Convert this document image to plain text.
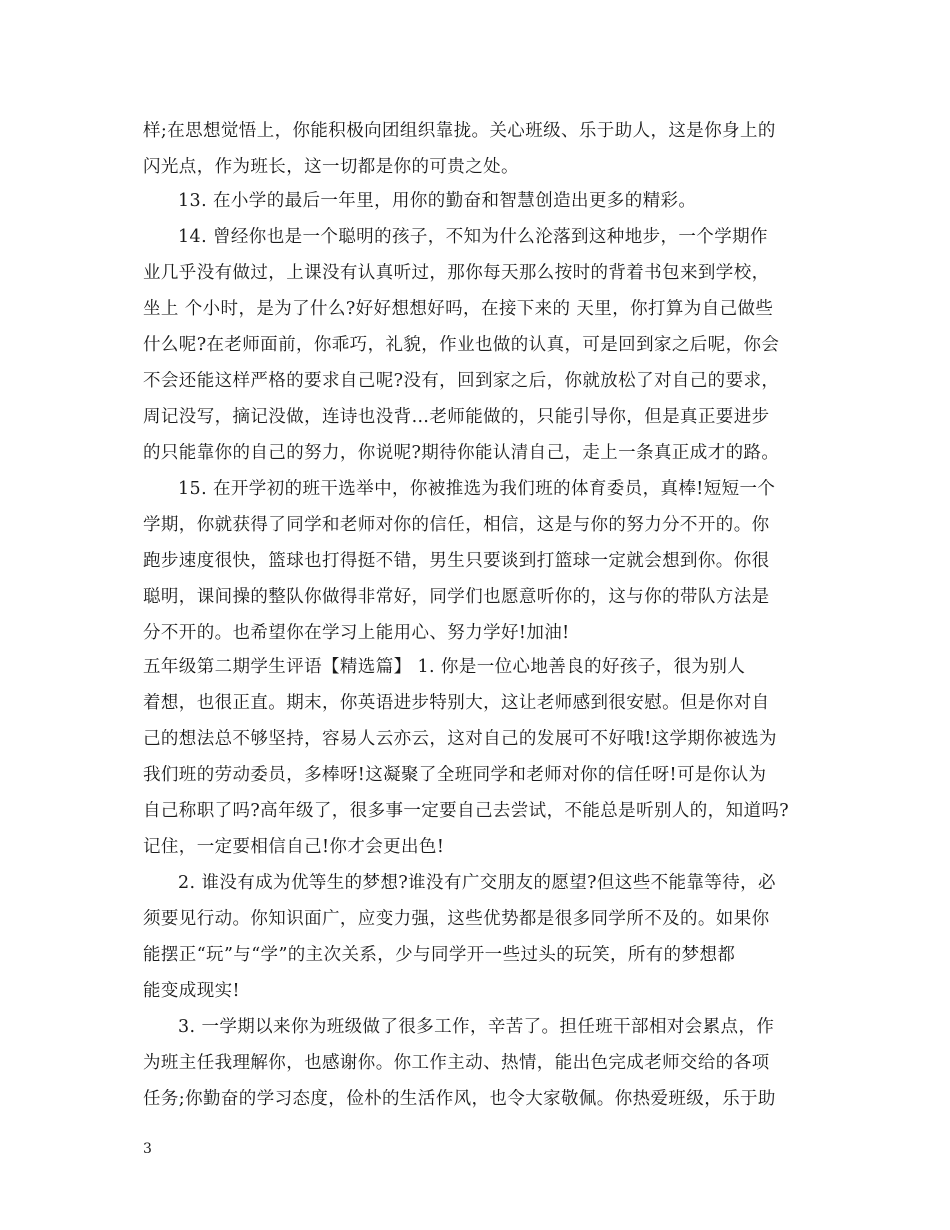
样;在思想觉悟上，你能积极向团组织靠拢。关心班级、乐于助人，这是你身上的
闪光点，作为班长，这一切都是你的可贵之处。
13. 在小学的最后一年里，用你的勤奋和智慧创造出更多的精彩。
14. 曾经你也是一个聪明的孩子，不知为什么沦落到这种地步，一个学期作
业几乎没有做过，上课没有认真听过，那你每天那么按时的背着书包来到学校，
坐上 个小时，是为了什么?好好想想好吗，在接下来的 天里，你打算为自己做些
什么呢?在老师面前，你乖巧，礼貌，作业也做的认真，可是回到家之后呢，你会
不会还能这样严格的要求自己呢?没有，回到家之后，你就放松了对自己的要求，
周记没写，摘记没做，连诗也没背…老师能做的，只能引导你，但是真正要进步
的只能靠你的自己的努力，你说呢?期待你能认清自己，走上一条真正成才的路。
15. 在开学初的班干选举中，你被推选为我们班的体育委员，真棒!短短一个
学期，你就获得了同学和老师对你的信任，相信，这是与你的努力分不开的。你
跑步速度很快，篮球也打得挺不错，男生只要谈到打篮球一定就会想到你。你很
聪明，课间操的整队你做得非常好，同学们也愿意听你的，这与你的带队方法是
分不开的。也希望你在学习上能用心、努力学好!加油!
五年级第二期学生评语【精选篇】 1. 你是一位心地善良的好孩子，很为别人
着想，也很正直。期末，你英语进步特别大，这让老师感到很安慰。但是你对自
己的想法总不够坚持，容易人云亦云，这对自己的发展可不好哦!这学期你被选为
我们班的劳动委员，多棒呀!这凝聚了全班同学和老师对你的信任呀!可是你认为
自己称职了吗?高年级了，很多事一定要自己去尝试，不能总是听别人的，知道吗?
记住，一定要相信自己!你才会更出色!
2. 谁没有成为优等生的梦想?谁没有广交朋友的愿望?但这些不能靠等待，必
须要见行动。你知识面广，应变力强，这些优势都是很多同学所不及的。如果你
能摆正“玩”与“学”的主次关系，少与同学开一些过头的玩笑，所有的梦想都
能变成现实!
3. 一学期以来你为班级做了很多工作，辛苦了。担任班干部相对会累点，作
为班主任我理解你，也感谢你。你工作主动、热情，能出色完成老师交给的各项
任务;你勤奋的学习态度，俭朴的生活作风，也令大家敬佩。你热爱班级，乐于助
3
